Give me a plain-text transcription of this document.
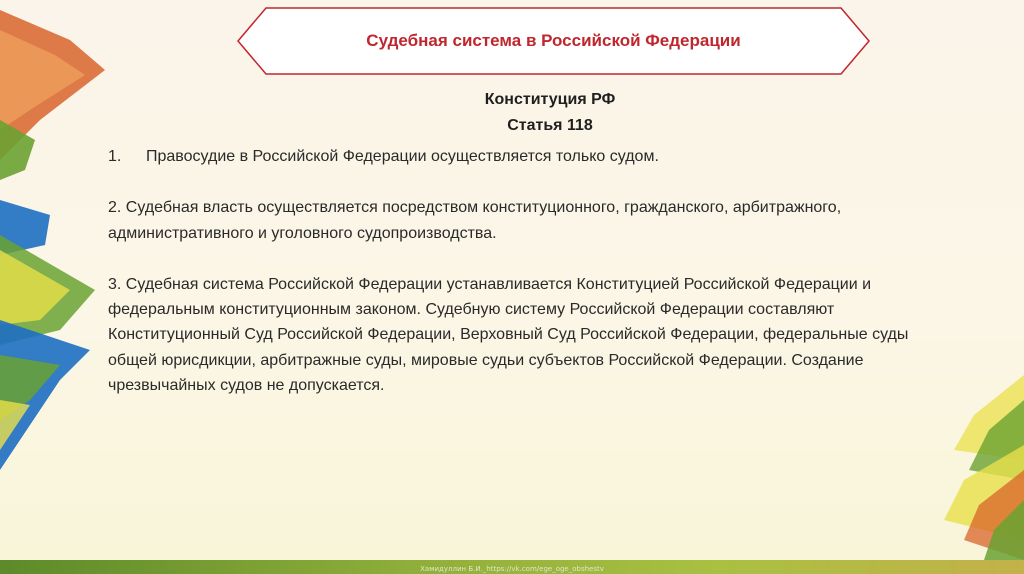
Судебная система в Российской Федерации
Конституция РФ
Статья 118
1.	Правосудие в Российской Федерации осуществляется только судом.

2. Судебная власть осуществляется посредством конституционного, гражданского, арбитражного, административного и уголовного судопроизводства.

3. Судебная система Российской Федерации устанавливается Конституцией Российской Федерации и федеральным конституционным законом. Судебную систему Российской Федерации составляют Конституционный Суд Российской Федерации, Верховный Суд Российской Федерации, федеральные суды общей юрисдикции, арбитражные суды, мировые судьи субъектов Российской Федерации. Создание чрезвычайных судов не допускается.

Хамидуллин Б.И._https://vk.com/ege_oge_obshestv
